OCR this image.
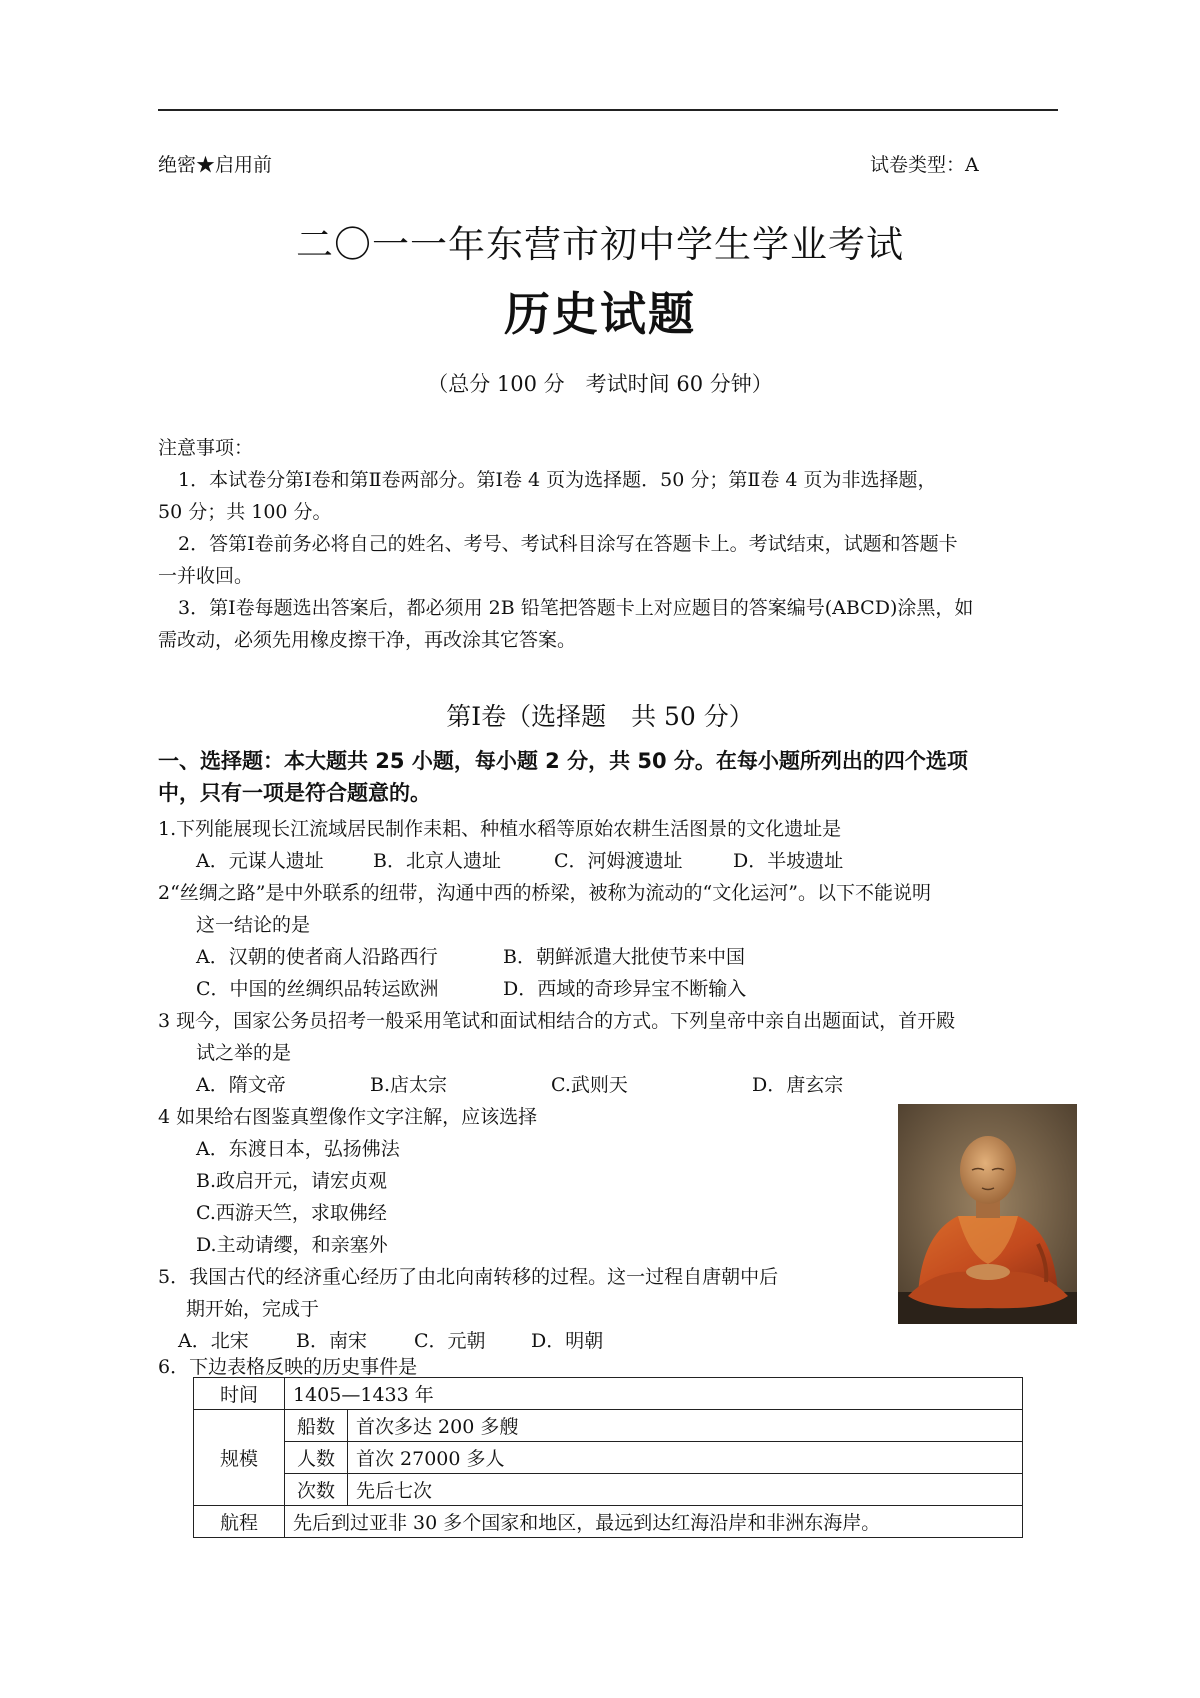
绝密★启用前	试卷类型：A
二〇一一年东营市初中学生学业考试
历史试题
（总分 100 分　考试时间 60 分钟）
注意事项：
1．本试卷分第Ⅰ卷和第Ⅱ卷两部分。第Ⅰ卷 4 页为选择题．50 分；第Ⅱ卷 4 页为非选择题，
50 分；共 100 分。
2．答第Ⅰ卷前务必将自己的姓名、考号、考试科目涂写在答题卡上。考试结束，试题和答题卡
一并收回。
3．第Ⅰ卷每题选出答案后，都必须用 2B 铅笔把答题卡上对应题目的答案编号(ABCD)涂黑，如
需改动，必须先用橡皮擦干净，再改涂其它答案。
第Ⅰ卷（选择题　共 50 分）
一、选择题：本大题共 25 小题，每小题 2 分，共 50 分。在每小题所列出的四个选项
中，只有一项是符合题意的。
1.下列能展现长江流域居民制作耒耜、种植水稻等原始农耕生活图景的文化遗址是
A．元谋人遗址	B．北京人遗址	C．河姆渡遗址	D．半坡遗址
2“丝绸之路”是中外联系的纽带，沟通中西的桥梁，被称为流动的“文化运河”。以下不能说明
这一结论的是
A．汉朝的使者商人沿路西行	B．朝鲜派遣大批使节来中国
C．中国的丝绸织品转运欧洲	D．西域的奇珍异宝不断输入
3 现今，国家公务员招考一般采用笔试和面试相结合的方式。下列皇帝中亲自出题面试，首开殿
试之举的是
A．隋文帝	B.店太宗	C.武则天	D．唐玄宗
4 如果给右图鉴真塑像作文字注解，应该选择
A．东渡日本，弘扬佛法
B.政启开元，请宏贞观
C.西游天竺，求取佛经
D.主动请缨，和亲塞外
5．我国古代的经济重心经历了由北向南转移的过程。这一过程自唐朝中后
期开始，完成于
A．北宋 B．南宋 C．元朝 D．明朝
6．下边表格反映的历史事件是
时间	1405—1433 年	
规模	船数	首次多达 200 多艘
	人数	首次 27000 多人
	次数	先后七次
航程	先后到过亚非 30 多个国家和地区，最远到达红海沿岸和非洲东海岸。	
